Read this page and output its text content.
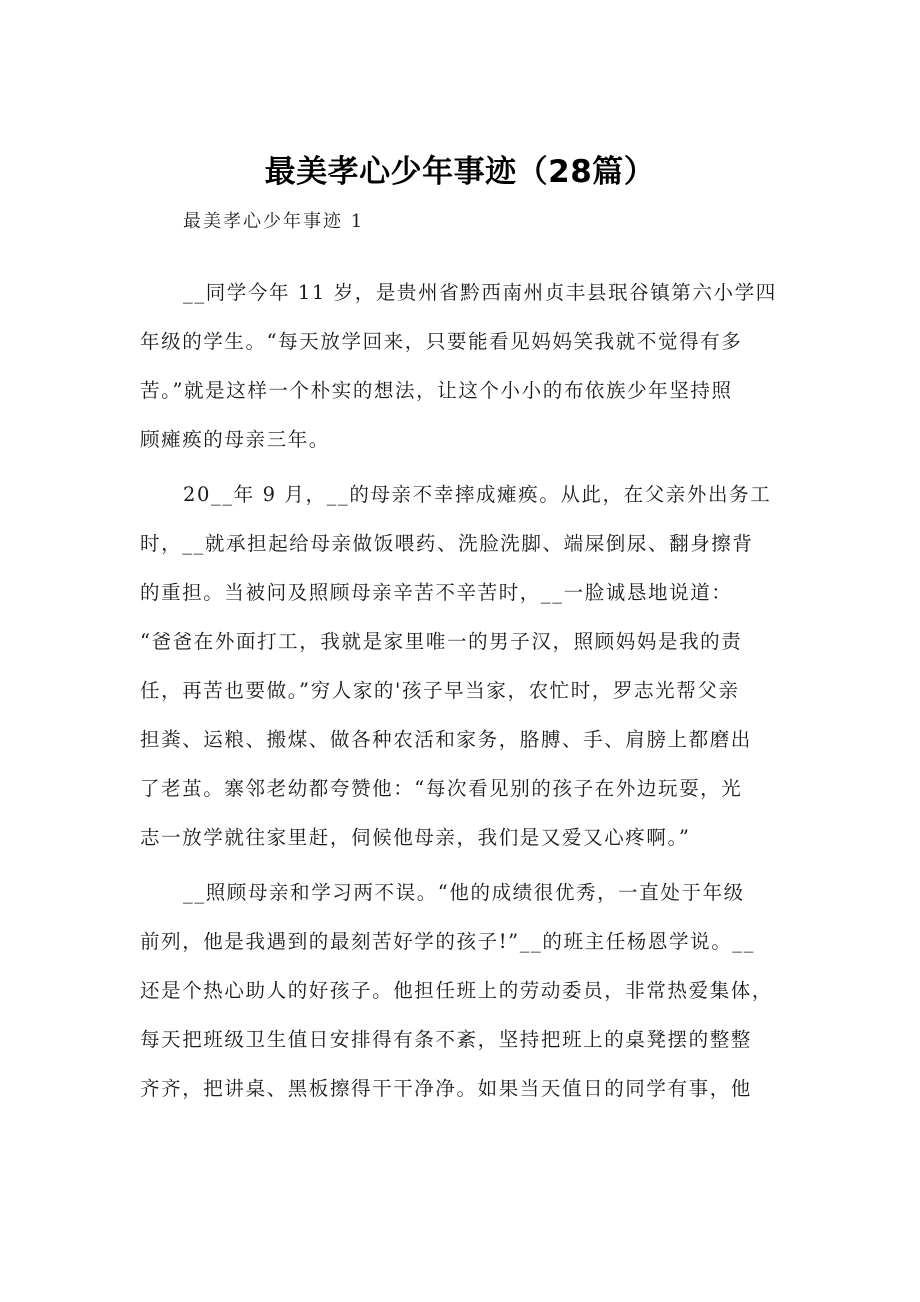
最美孝心少年事迹（28篇）
最美孝心少年事迹 1
__同学今年 11 岁，是贵州省黔西南州贞丰县珉谷镇第六小学四
年级的学生。“每天放学回来，只要能看见妈妈笑我就不觉得有多
苦。”就是这样一个朴实的想法，让这个小小的布依族少年坚持照
顾瘫痪的母亲三年。
20__年 9 月，__的母亲不幸摔成瘫痪。从此，在父亲外出务工
时，__就承担起给母亲做饭喂药、洗脸洗脚、端屎倒尿、翻身擦背
的重担。当被问及照顾母亲辛苦不辛苦时，__一脸诚恳地说道：
“爸爸在外面打工，我就是家里唯一的男子汉，照顾妈妈是我的责
任，再苦也要做。”穷人家的'孩子早当家，农忙时，罗志光帮父亲
担粪、运粮、搬煤、做各种农活和家务，胳膊、手、肩膀上都磨出
了老茧。寨邻老幼都夸赞他：“每次看见别的孩子在外边玩耍，光
志一放学就往家里赶，伺候他母亲，我们是又爱又心疼啊。”
__照顾母亲和学习两不误。“他的成绩很优秀，一直处于年级
前列，他是我遇到的最刻苦好学的孩子!”__的班主任杨恩学说。__
还是个热心助人的好孩子。他担任班上的劳动委员，非常热爱集体，
每天把班级卫生值日安排得有条不紊，坚持把班上的桌凳摆的整整
齐齐，把讲桌、黑板擦得干干净净。如果当天值日的同学有事，他
